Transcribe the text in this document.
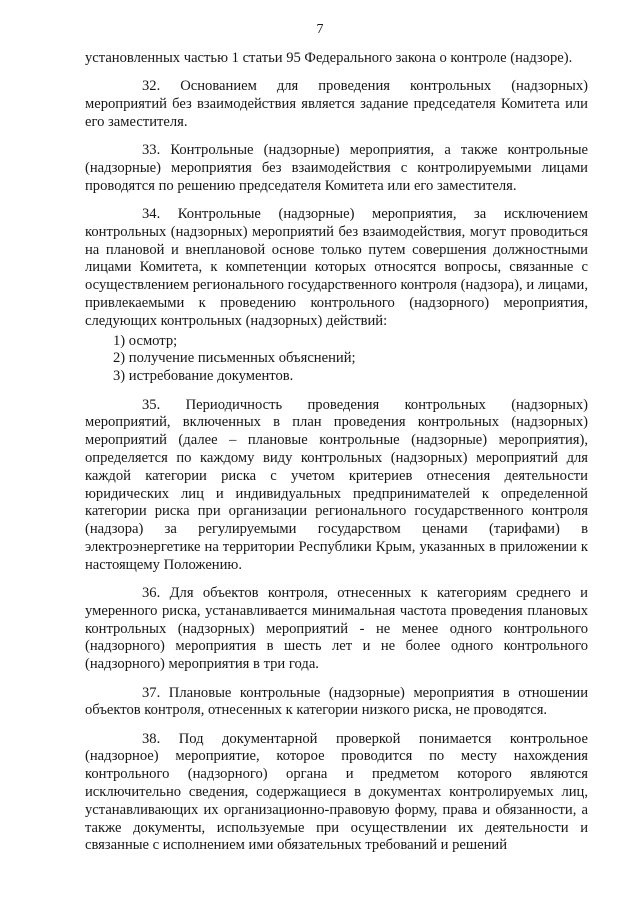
7

установленных частью 1 статьи 95 Федерального закона о контроле (надзоре).

32. Основанием для проведения контрольных (надзорных) мероприятий без взаимодействия является задание председателя Комитета или его заместителя.

33. Контрольные (надзорные) мероприятия, а также контрольные (надзорные) мероприятия без взаимодействия с контролируемыми лицами проводятся по решению председателя Комитета или его заместителя.

34. Контрольные (надзорные) мероприятия, за исключением контрольных (надзорных) мероприятий без взаимодействия, могут проводиться на плановой и внеплановой основе только путем совершения должностными лицами Комитета, к компетенции которых относятся вопросы, связанные с осуществлением регионального государственного контроля (надзора), и лицами, привлекаемыми к проведению контрольного (надзорного) мероприятия, следующих контрольных (надзорных) действий:

1) осмотр;
2) получение письменных объяснений;
3) истребование документов.

35. Периодичность проведения контрольных (надзорных) мероприятий, включенных в план проведения контрольных (надзорных) мероприятий (далее – плановые контрольные (надзорные) мероприятия), определяется по каждому виду контрольных (надзорных) мероприятий для каждой категории риска с учетом критериев отнесения деятельности юридических лиц и индивидуальных предпринимателей к определенной категории риска при организации регионального государственного контроля (надзора) за регулируемыми государством ценами (тарифами) в электроэнергетике на территории Республики Крым, указанных в приложении к настоящему Положению.

36. Для объектов контроля, отнесенных к категориям среднего и умеренного риска, устанавливается минимальная частота проведения плановых контрольных (надзорных) мероприятий - не менее одного контрольного (надзорного) мероприятия в шесть лет и не более одного контрольного (надзорного) мероприятия в три года.

37. Плановые контрольные (надзорные) мероприятия в отношении объектов контроля, отнесенных к категории низкого риска, не проводятся.

38. Под документарной проверкой понимается контрольное (надзорное) мероприятие, которое проводится по месту нахождения контрольного (надзорного) органа и предметом которого являются исключительно сведения, содержащиеся в документах контролируемых лиц, устанавливающих их организационно-правовую форму, права и обязанности, а также документы, используемые при осуществлении их деятельности и связанные с исполнением ими обязательных требований и решений
